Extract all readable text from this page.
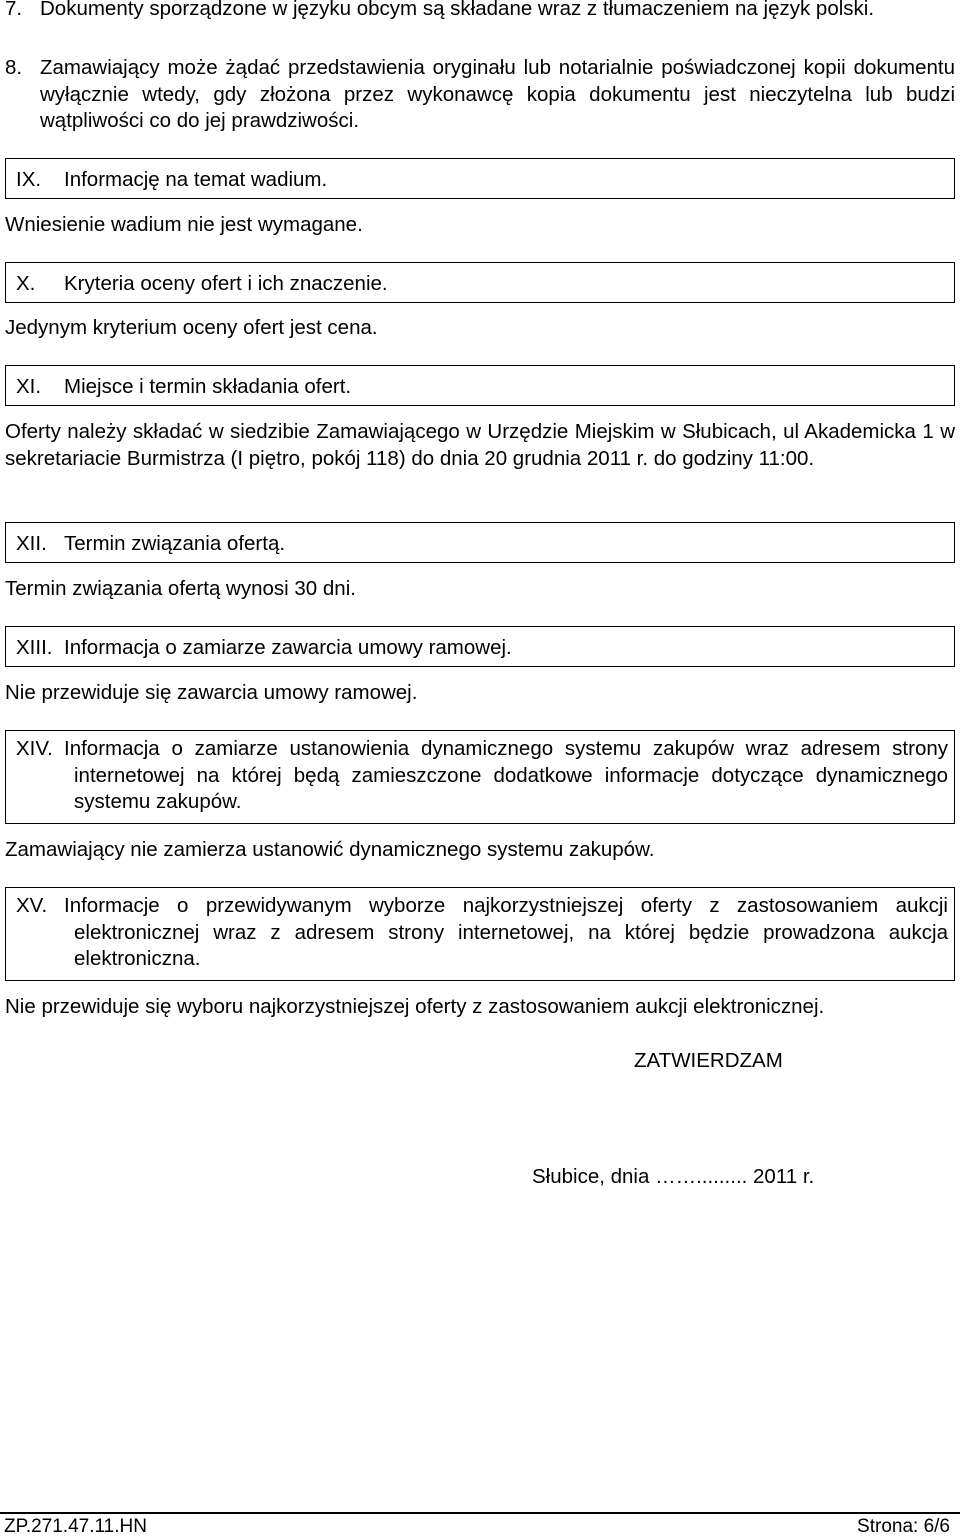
7. Dokumenty sporządzone w języku obcym są składane wraz z tłumaczeniem na język polski.
8. Zamawiający może żądać przedstawienia oryginału lub notarialnie poświadczonej kopii dokumentu wyłącznie wtedy, gdy złożona przez wykonawcę kopia dokumentu jest nieczytelna lub budzi wątpliwości co do jej prawdziwości.
IX. Informację na temat wadium.
Wniesienie wadium nie jest wymagane.
X. Kryteria oceny ofert i ich znaczenie.
Jedynym kryterium oceny ofert jest cena.
XI. Miejsce i termin składania ofert.
Oferty należy składać w siedzibie Zamawiającego w Urzędzie Miejskim w Słubicach, ul Akademicka 1 w sekretariacie Burmistrza (I piętro, pokój 118) do dnia 20 grudnia 2011 r. do godziny 11:00.
XII. Termin związania ofertą.
Termin związania ofertą wynosi 30 dni.
XIII. Informacja o zamiarze zawarcia umowy ramowej.
Nie przewiduje się zawarcia umowy ramowej.
XIV. Informacja o zamiarze ustanowienia dynamicznego systemu zakupów wraz adresem strony internetowej na której będą zamieszczone dodatkowe informacje dotyczące dynamicznego systemu zakupów.
Zamawiający nie zamierza ustanowić dynamicznego systemu zakupów.
XV. Informacje o przewidywanym wyborze najkorzystniejszej oferty z zastosowaniem aukcji elektronicznej wraz z adresem strony internetowej, na której będzie prowadzona aukcja elektroniczna.
Nie przewiduje się wyboru najkorzystniejszej oferty z zastosowaniem aukcji elektronicznej.
ZATWIERDZAM
Słubice, dnia ……......... 2011 r.
ZP.271.47.11.HN	Strona: 6/6
